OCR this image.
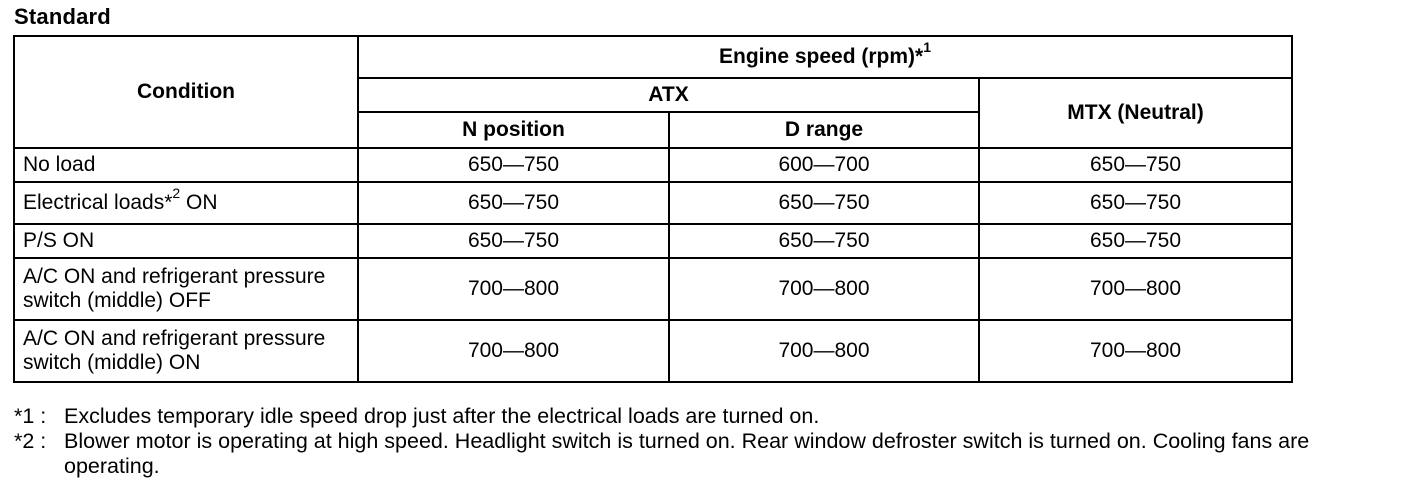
Standard
Condition	Engine speed (rpm)*$^1$
	ATX		MTX (Neutral)
	N position	D range	
No load	650—750	600—700	650—750
Electrical loads*$^2$ ON	650—750	650—750	650—750
P/S ON	650—750	650—750	650—750
A/C ON and refrigerant pressure switch (middle) OFF	700—800	700—800	700—800
A/C ON and refrigerant pressure switch (middle) ON	700—800	700—800	700—800
*1 : Excludes temporary idle speed drop just after the electrical loads are turned on.
*2 : Blower motor is operating at high speed. Headlight switch is turned on. Rear window defroster switch is turned on. Cooling fans are operating.
